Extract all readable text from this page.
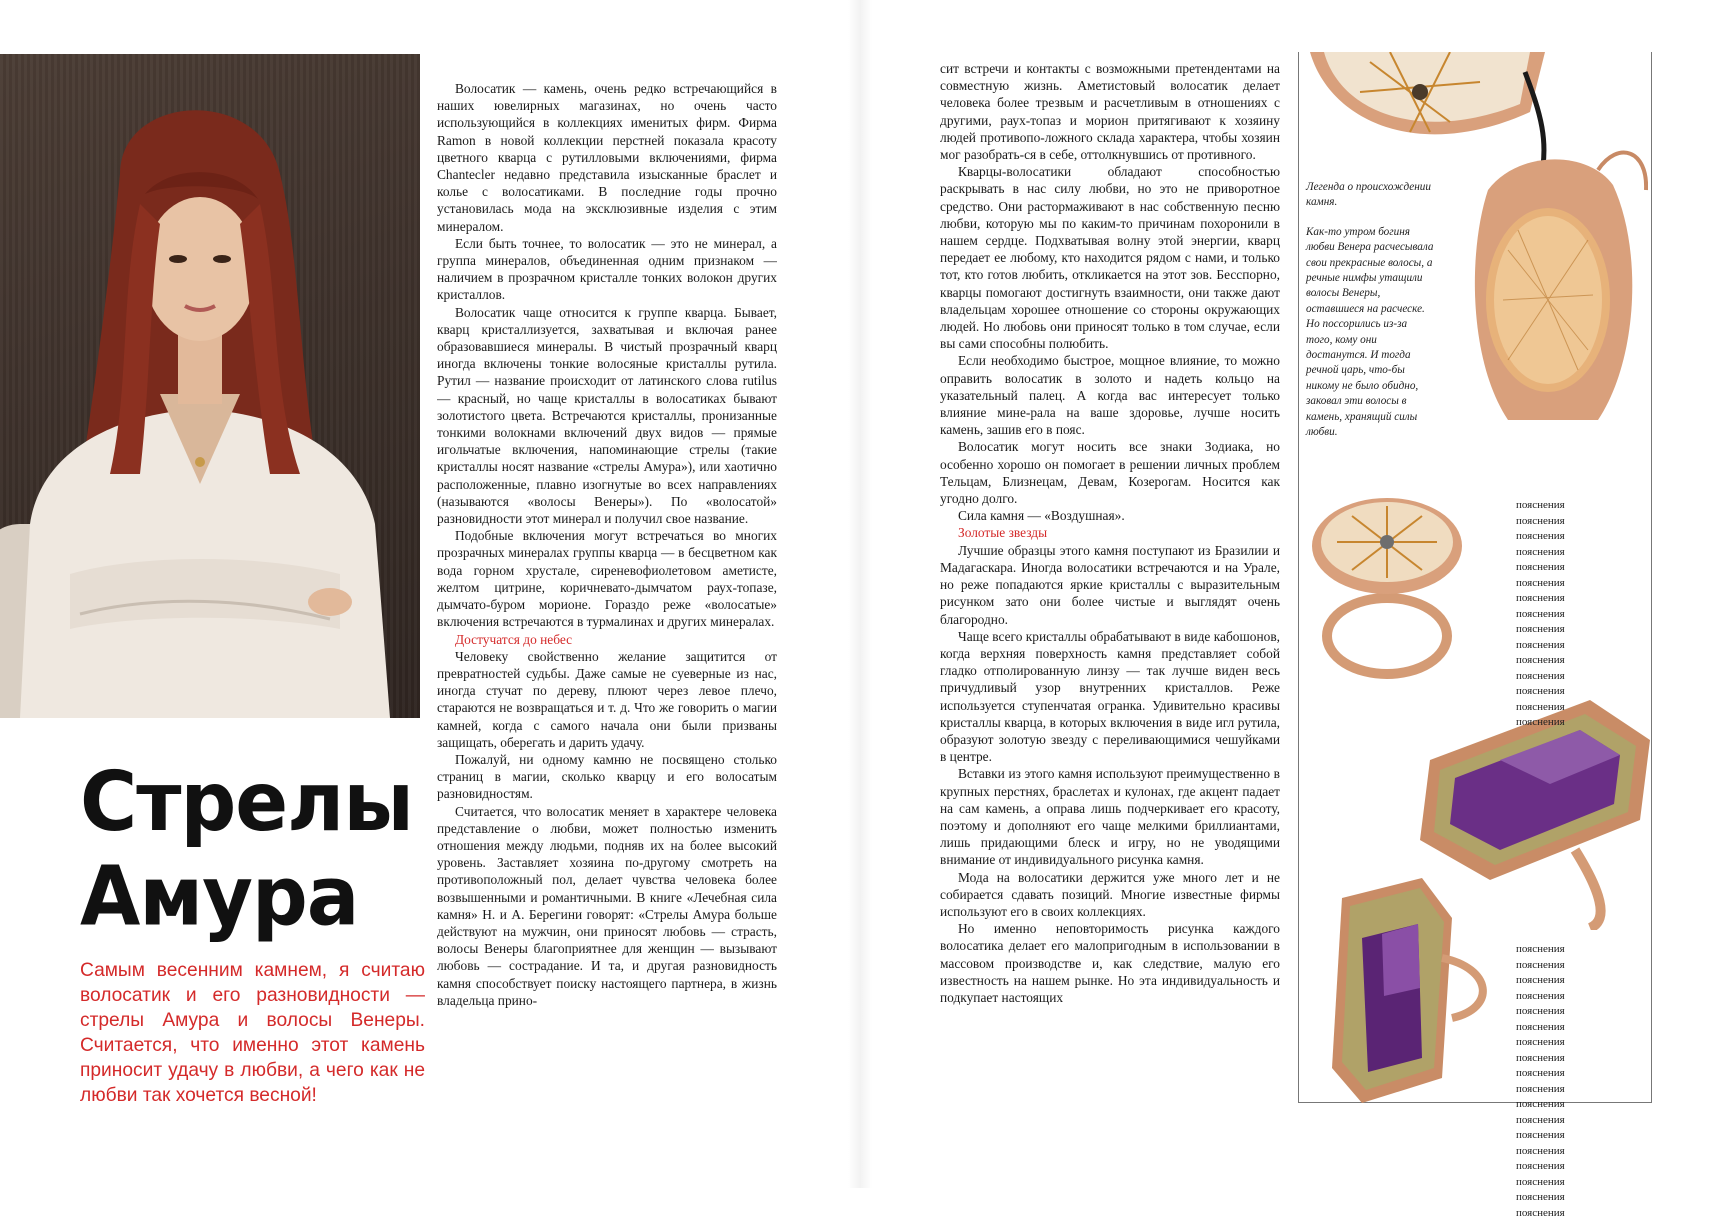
Стрелы
Амура

Самым весенним камнем, я считаю волосатик и его разновидности — стрелы Амура и волосы Венеры. Считается, что именно этот камень приносит удачу в любви, а чего как не любви так хочется весной!

Волосатик — камень, очень редко встречающийся в наших ювелирных магазинах, но очень часто использующийся в коллекциях именитых фирм. Фирма Ramon в новой коллекции перстней показала красоту цветного кварца с рутилловыми включениями, фирма Chantecler недавно представила изысканные браслет и колье с волосатиками. В последние годы прочно установилась мода на эксклюзивные изделия с этим минералом.

Если быть точнее, то волосатик — это не минерал, а группа минералов, объединенная одним признаком — наличием в прозрачном кристалле тонких волокон других кристаллов.

Волосатик чаще относится к группе кварца. Бывает, кварц кристаллизуется, захватывая и включая ранее образовавшиеся минералы. В чистый прозрачный кварц иногда включены тонкие волосяные кристаллы рутила. Рутил — название происходит от латинского слова rutilus — красный, но чаще кристаллы в волосатиках бывают золотистого цвета. Встречаются кристаллы, пронизанные тонкими волокнами включений двух видов — прямые игольчатые включения, напоминающие стрелы (такие кристаллы носят название «стрелы Амура»), или хаотично расположенные, плавно изогнутые во всех направлениях (называются «волосы Венеры»). По «волосатой» разновидности этот минерал и получил свое название.

Подобные включения могут встречаться во многих прозрачных минералах группы кварца — в бесцветном как вода горном хрустале, сиреневофиолетовом аметисте, желтом цитрине, коричневато-дымчатом раух-топазе, дымчато-буром морионе. Гораздо реже «волосатые» включения встречаются в турмалинах и других минералах.

Достучатся до небес

Человеку свойственно желание защитится от превратностей судьбы. Даже самые не суеверные из нас, иногда стучат по дереву, плюют через левое плечо, стараются не возвращаться и т. д. Что же говорить о магии камней, когда с самого начала они были призваны защищать, оберегать и дарить удачу.

Пожалуй, ни одному камню не посвящено столько страниц в магии, сколько кварцу и его волосатым разновидностям.

Считается, что волосатик меняет в характере человека представление о любви, может полностью изменить отношения между людьми, подняв их на более высокий уровень. Заставляет хозяина по-другому смотреть на противоположный пол, делает чувства человека более возвышенными и романтичными. В книге «Лечебная сила камня» Н. и А. Берегини говорят: «Стрелы Амура больше действуют на мужчин, они приносят любовь — страсть, волосы Венеры благоприятнее для женщин — вызывают любовь — сострадание. И та, и другая разновидность камня способствует поиску настоящего партнера, в жизнь владельца прино-

сит встречи и контакты с возможными претендентами на совместную жизнь. Аметистовый волосатик делает человека более трезвым и расчетливым в отношениях с другими, раух-топаз и морион притягивают к хозяину людей противопо-ложного склада характера, чтобы хозяин мог разобрать-ся в себе, оттолкнувшись от противного.

Кварцы-волосатики обладают способностью раскрывать в нас силу любви, но это не приворотное средство. Они растормаживают в нас собственную песню любви, которую мы по каким-то причинам похоронили в нашем сердце. Подхватывая волну этой энергии, кварц передает ее любому, кто находится рядом с нами, и только тот, кто готов любить, откликается на этот зов. Бесспорно, кварцы помогают достигнуть взаимности, они также дают владельцам хорошее отношение со стороны окружающих людей. Но любовь они приносят только в том случае, если вы сами способны полюбить.

Если необходимо быстрое, мощное влияние, то можно оправить волосатик в золото и надеть кольцо на указательный палец. А когда вас интересует только влияние мине-рала на ваше здоровье, лучше носить камень, зашив его в пояс.

Волосатик могут носить все знаки Зодиака, но особенно хорошо он помогает в решении личных проблем Тельцам, Близнецам, Девам, Козерогам. Носится как угодно долго.

Сила камня — «Воздушная».

Золотые звезды

Лучшие образцы этого камня поступают из Бразилии и Мадагаскара. Иногда волосатики встречаются и на Урале, но реже попадаются яркие кристаллы с выразительным рисунком зато они более чистые и выглядят очень благородно.

Чаще всего кристаллы обрабатывают в виде кабошонов, когда верхняя поверхность камня представляет собой гладко отполированную линзу — так лучше виден весь причудливый узор внутренних кристаллов. Реже используется ступенчатая огранка. Удивительно красивы кристаллы кварца, в которых включения в виде игл рутила, образуют золотую звезду с переливающимися чешуйками в центре.

Вставки из этого камня используют преимущественно в крупных перстнях, браслетах и кулонах, где акцент падает на сам камень, а оправа лишь подчеркивает его красоту, поэтому и дополняют его чаще мелкими бриллиантами, лишь придающими блеск и игру, но не уводящими внимание от индивидуального рисунка камня.

Мода на волосатики держится уже много лет и не собирается сдавать позиций. Многие известные фирмы используют его в своих коллекциях.

Но именно неповторимость рисунка каждого волосатика делает его малопригодным в использовании в массовом производстве и, как следствие, малую его известность на нашем рынке. Но эта индивидуальность и подкупает настоящих

Легенда о происхождении камня.

Как-то утром богиня любви Венера расчесывала свои прекрасные волосы, а речные нимфы утащили волосы Венеры, оставшиеся на расческе. Но поссорились из-за того, кому они достанутся. И тогда речной царь, что-бы никому не было обидно, заковал эти волосы в камень, хранящий силы любви.

пояснения пояснения пояснения пояснения пояснения пояснения пояснения пояснения пояснения пояснения пояснения пояснения пояснения пояснения пояснения

пояснения пояснения пояснения пояснения пояснения пояснения пояснения пояснения пояснения пояснения пояснения пояснения пояснения пояснения пояснения пояснения пояснения пояснения
